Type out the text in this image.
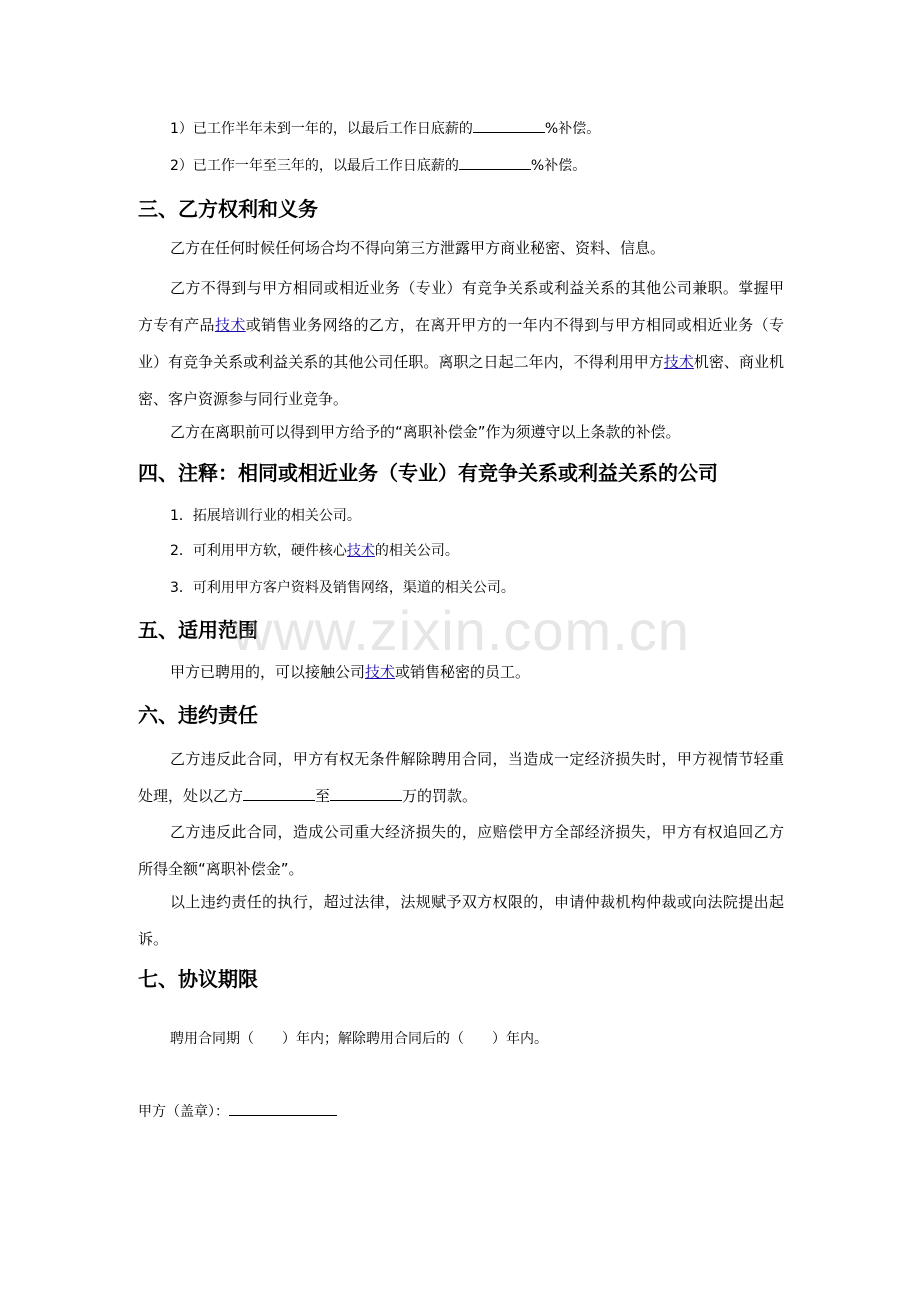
1）已工作半年未到一年的，以最后工作日底薪的	%补偿。

2）已工作一年至三年的，以最后工作日底薪的	%补偿。

三、乙方权利和义务

乙方在任何时候任何场合均不得向第三方泄露甲方商业秘密、资料、信息。

乙方不得到与甲方相同或相近业务（专业）有竞争关系或利益关系的其他公司兼职。掌握甲方专有产品技术或销售业务网络的乙方，在离开甲方的一年内不得到与甲方相同或相近业务（专业）有竞争关系或利益关系的其他公司任职。离职之日起二年内，不得利用甲方技术机密、商业机密、客户资源参与同行业竞争。

乙方在离职前可以得到甲方给予的“离职补偿金”作为须遵守以上条款的补偿。

四、注释：相同或相近业务（专业）有竞争关系或利益关系的公司

1．拓展培训行业的相关公司。

2．可利用甲方软，硬件核心技术的相关公司。

3．可利用甲方客户资料及销售网络，渠道的相关公司。

五、适用范围

甲方已聘用的，可以接触公司技术或销售秘密的员工。

六、违约责任

乙方违反此合同，甲方有权无条件解除聘用合同，当造成一定经济损失时，甲方视情节轻重处理，处以乙方	至	万的罚款。

乙方违反此合同，造成公司重大经济损失的，应赔偿甲方全部经济损失，甲方有权追回乙方所得全额“离职补偿金”。

以上违约责任的执行，超过法律，法规赋予双方权限的，申请仲裁机构仲裁或向法院提出起诉。

七、协议期限

聘用合同期（　　）年内；解除聘用合同后的（　　）年内。

甲方（盖章）：

www.zixin.com.cn
